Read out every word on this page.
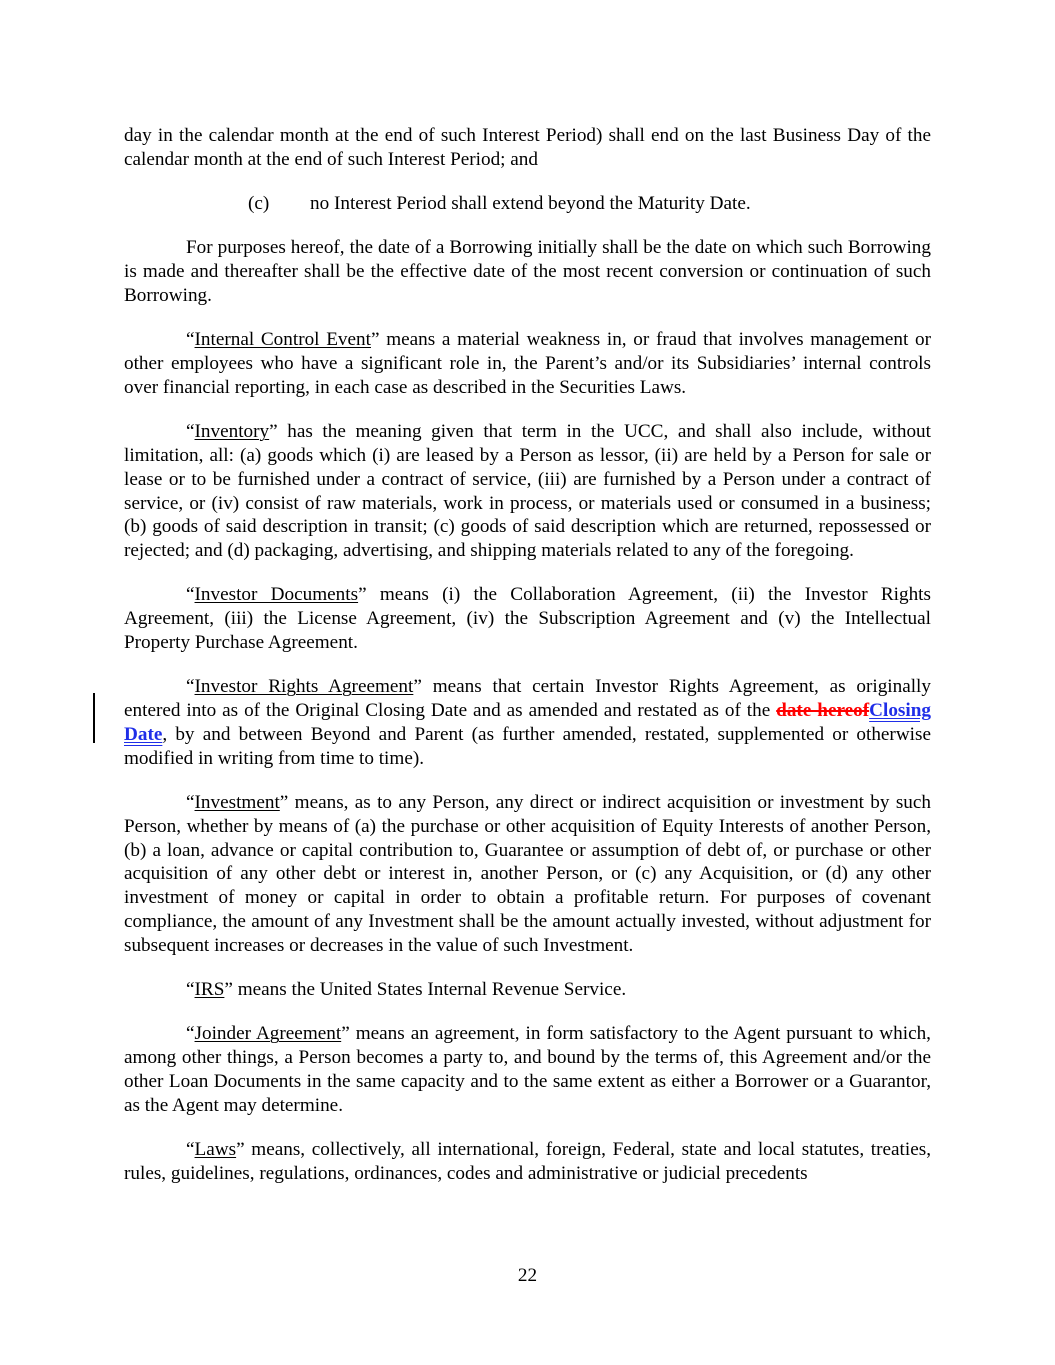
day in the calendar month at the end of such Interest Period) shall end on the last Business Day of the calendar month at the end of such Interest Period; and

(c) no Interest Period shall extend beyond the Maturity Date.

For purposes hereof, the date of a Borrowing initially shall be the date on which such Borrowing is made and thereafter shall be the effective date of the most recent conversion or continuation of such Borrowing.

“Internal Control Event” means a material weakness in, or fraud that involves management or other employees who have a significant role in, the Parent’s and/or its Subsidiaries’ internal controls over financial reporting, in each case as described in the Securities Laws.

“Inventory” has the meaning given that term in the UCC, and shall also include, without limitation, all: (a) goods which (i) are leased by a Person as lessor, (ii) are held by a Person for sale or lease or to be furnished under a contract of service, (iii) are furnished by a Person under a contract of service, or (iv) consist of raw materials, work in process, or materials used or consumed in a business; (b) goods of said description in transit; (c) goods of said description which are returned, repossessed or rejected; and (d) packaging, advertising, and shipping materials related to any of the foregoing.

“Investor Documents” means (i) the Collaboration Agreement, (ii) the Investor Rights Agreement, (iii) the License Agreement, (iv) the Subscription Agreement and (v) the Intellectual Property Purchase Agreement.

“Investor Rights Agreement” means that certain Investor Rights Agreement, as originally entered into as of the Original Closing Date and as amended and restated as of the date hereofClosing Date, by and between Beyond and Parent (as further amended, restated, supplemented or otherwise modified in writing from time to time).

“Investment” means, as to any Person, any direct or indirect acquisition or investment by such Person, whether by means of (a) the purchase or other acquisition of Equity Interests of another Person, (b) a loan, advance or capital contribution to, Guarantee or assumption of debt of, or purchase or other acquisition of any other debt or interest in, another Person, or (c) any Acquisition, or (d) any other investment of money or capital in order to obtain a profitable return. For purposes of covenant compliance, the amount of any Investment shall be the amount actually invested, without adjustment for subsequent increases or decreases in the value of such Investment.

“IRS” means the United States Internal Revenue Service.

“Joinder Agreement” means an agreement, in form satisfactory to the Agent pursuant to which, among other things, a Person becomes a party to, and bound by the terms of, this Agreement and/or the other Loan Documents in the same capacity and to the same extent as either a Borrower or a Guarantor, as the Agent may determine.

“Laws” means, collectively, all international, foreign, Federal, state and local statutes, treaties, rules, guidelines, regulations, ordinances, codes and administrative or judicial precedents

22
